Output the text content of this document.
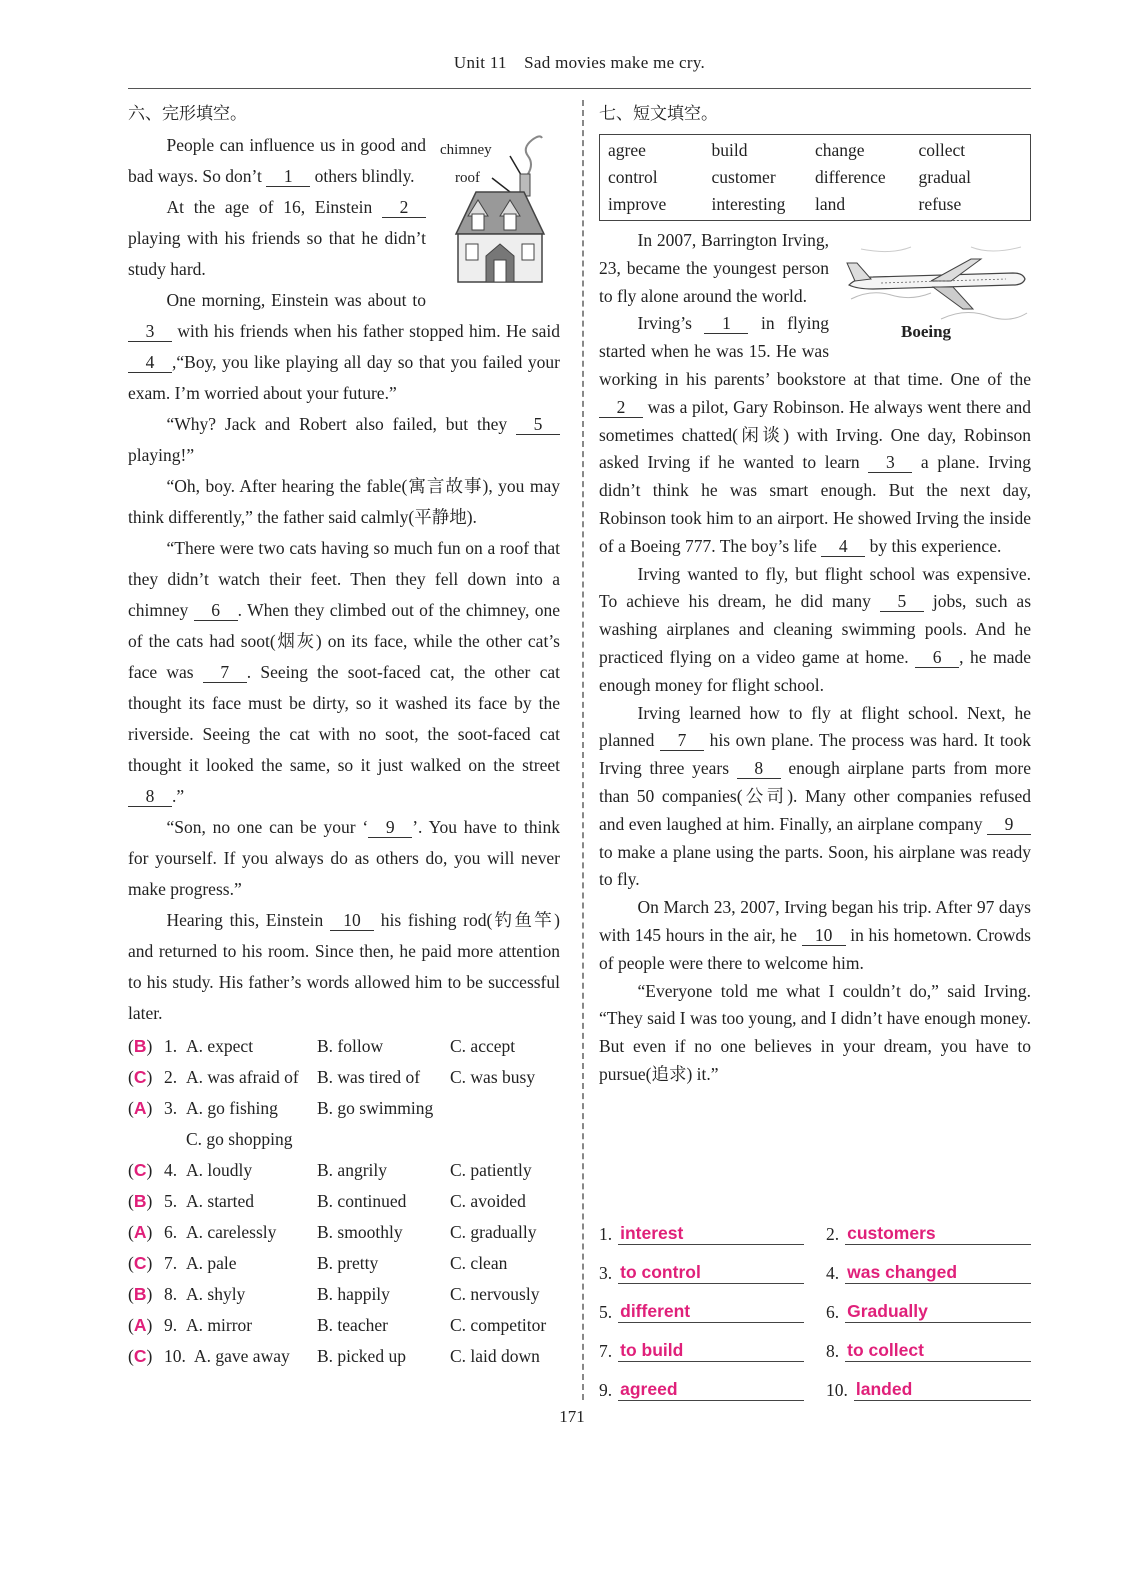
Unit 11　Sad movies make me cry.
六、完形填空。
chimney
roof

People can influence us in good and bad ways. So don’t 1 others blindly.

At the age of 16, Einstein 2 playing with his friends so that he didn’t study hard.

One morning, Einstein was about to 3 with his friends when his father stopped him. He said 4 ,“Boy, you like playing all day so that you failed your exam. I’m worried about your future.”

“Why? Jack and Robert also failed, but they 5 playing!”

“Oh, boy. After hearing the fable(寓言故事), you may think differently,” the father said calmly(平静地).

“There were two cats having so much fun on a roof that they didn’t watch their feet. Then they fell down into a chimney 6 . When they climbed out of the chimney, one of the cats had soot(烟灰) on its face, while the other cat’s face was 7 . Seeing the soot-faced cat, the other cat thought its face must be dirty, so it washed its face by the riverside. Seeing the cat with no soot, the soot-faced cat thought it looked the same, so it just walked on the street 8 .”

“Son, no one can be your ‘ 9 ’. You have to think for yourself. If you always do as others do, you will never make progress.”

Hearing this, Einstein 10 his fishing rod(钓鱼竿) and returned to his room. Since then, he paid more attention to his study. His father’s words allowed him to be successful later.

(B) 1. A. expect	B. follow	C. accept
(C) 2. A. was afraid of	B. was tired of	C. was busy
(A) 3. A. go fishing	B. go swimming
C. go shopping
(C) 4. A. loudly	B. angrily	C. patiently
(B) 5. A. started	B. continued	C. avoided
(A) 6. A. carelessly	B. smoothly	C. gradually
(C) 7. A. pale	B. pretty	C. clean
(B) 8. A. shyly	B. happily	C. nervously
(A) 9. A. mirror	B. teacher	C. competitor
(C) 10. A. gave away	B. picked up	C. laid down
七、短文填空。
agree	build	change	collect
control	customer	difference	gradual
improve	interesting	land	refuse
Boeing

In 2007, Barrington Irving, 23, became the youngest person to fly alone around the world.

Irving’s 1 in flying started when he was 15. He was working in his parents’ bookstore at that time. One of the 2 was a pilot, Gary Robinson. He always went there and sometimes chatted(闲谈) with Irving. One day, Robinson asked Irving if he wanted to learn 3 a plane. Irving didn’t think he was smart enough. But the next day, Robinson took him to an airport. He showed Irving the inside of a Boeing 777. The boy’s life 4 by this experience.

Irving wanted to fly, but flight school was expensive. To achieve his dream, he did many 5 jobs, such as washing airplanes and cleaning swimming pools. And he practiced flying on a video game at home. 6 , he made enough money for flight school.

Irving learned how to fly at flight school. Next, he planned 7 his own plane. The process was hard. It took Irving three years 8 enough airplane parts from more than 50 companies(公司). Many other companies refused and even laughed at him. Finally, an airplane company 9 to make a plane using the parts. Soon, his airplane was ready to fly.

On March 23, 2007, Irving began his trip. After 97 days with 145 hours in the air, he 10 in his hometown. Crowds of people were there to welcome him.

“Everyone told me what I couldn’t do,” said Irving. “They said I was too young, and I didn’t have enough money. But even if no one believes in your dream, you have to pursue(追求) it.”

1. interest	2. customers
3. to control	4. was changed
5. different	6. Gradually
7. to build	8. to collect
9. agreed	10. landed
171
